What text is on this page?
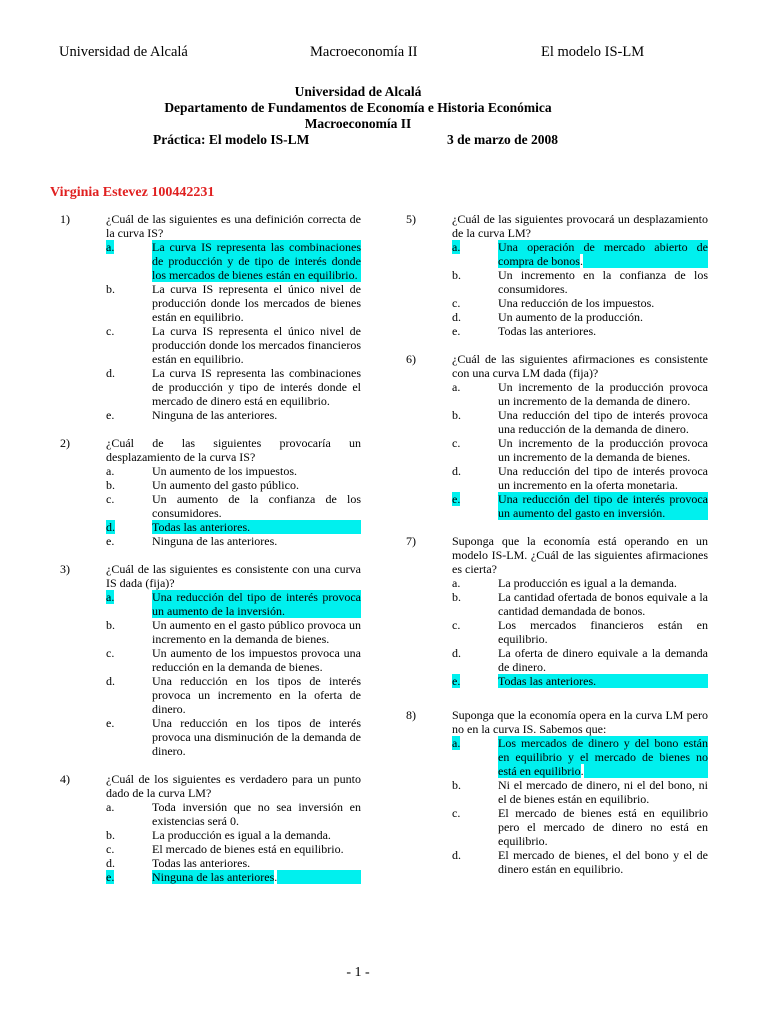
Universidad de Alcalá	Macroeconomía II	El modelo IS-LM
Universidad de Alcalá
Departamento de Fundamentos de Economía e Historia Económica
Macroeconomía II
Práctica: El modelo IS-LM	3 de marzo de 2008
Virginia Estevez 100442231
1)	¿Cuál de las siguientes es una definición correcta de la curva IS?
a.	La curva IS representa las combinaciones de producción y de tipo de interés donde los mercados de bienes están en equilibrio.
b.	La curva IS representa el único nivel de producción donde los mercados de bienes están en equilibrio.
c.	La curva IS representa el único nivel de producción donde los mercados financieros están en equilibrio.
d.	La curva IS representa las combinaciones de producción y tipo de interés donde el mercado de dinero está en equilibrio.
e.	Ninguna de las anteriores.
2)	¿Cuál de las siguientes provocaría un desplazamiento de la curva IS?
a.	Un aumento de los impuestos.
b.	Un aumento del gasto público.
c.	Un aumento de la confianza de los consumidores.
d.	Todas las anteriores.
e.	Ninguna de las anteriores.
3)	¿Cuál de las siguientes es consistente con una curva IS dada (fija)?
a.	Una reducción del tipo de interés provoca un aumento de la inversión.
b.	Un aumento en el gasto público provoca un incremento en la demanda de bienes.
c.	Un aumento de los impuestos provoca una reducción en la demanda de bienes.
d.	Una reducción en los tipos de interés provoca un incremento en la oferta de dinero.
e.	Una reducción en los tipos de interés provoca una disminución de la demanda de dinero.
4)	¿Cuál de los siguientes es verdadero para un punto dado de la curva LM?
a.	Toda inversión que no sea inversión en existencias será 0.
b.	La producción es igual a la demanda.
c.	El mercado de bienes está en equilibrio.
d.	Todas las anteriores.
e.	Ninguna de las anteriores.
5)	¿Cuál de las siguientes provocará un desplazamiento de la curva LM?
a.	Una operación de mercado abierto de compra de bonos.
b.	Un incremento en la confianza de los consumidores.
c.	Una reducción de los impuestos.
d.	Un aumento de la producción.
e.	Todas las anteriores.
6)	¿Cuál de las siguientes afirmaciones es consistente con una curva LM dada (fija)?
a.	Un incremento de la producción provoca un incremento de la demanda de dinero.
b.	Una reducción del tipo de interés provoca una reducción de la demanda de dinero.
c.	Un incremento de la producción provoca un incremento de la demanda de bienes.
d.	Una reducción del tipo de interés provoca un incremento en la oferta monetaria.
e.	Una reducción del tipo de interés provoca un aumento del gasto en inversión.
7)	Suponga que la economía está operando en un modelo IS-LM. ¿Cuál de las siguientes afirmaciones es cierta?
a.	La producción es igual a la demanda.
b.	La cantidad ofertada de bonos equivale a la cantidad demandada de bonos.
c.	Los mercados financieros están en equilibrio.
d.	La oferta de dinero equivale a la demanda de dinero.
e.	Todas las anteriores.
8)	Suponga que la economía opera en la curva LM pero no en la curva IS. Sabemos que:
a.	Los mercados de dinero y del bono están en equilibrio y el mercado de bienes no está en equilibrio.
b.	Ni el mercado de dinero, ni el del bono, ni el de bienes están en equilibrio.
c.	El mercado de bienes está en equilibrio pero el mercado de dinero no está en equilibrio.
d.	El mercado de bienes, el del bono y el de dinero están en equilibrio.
- 1 -
